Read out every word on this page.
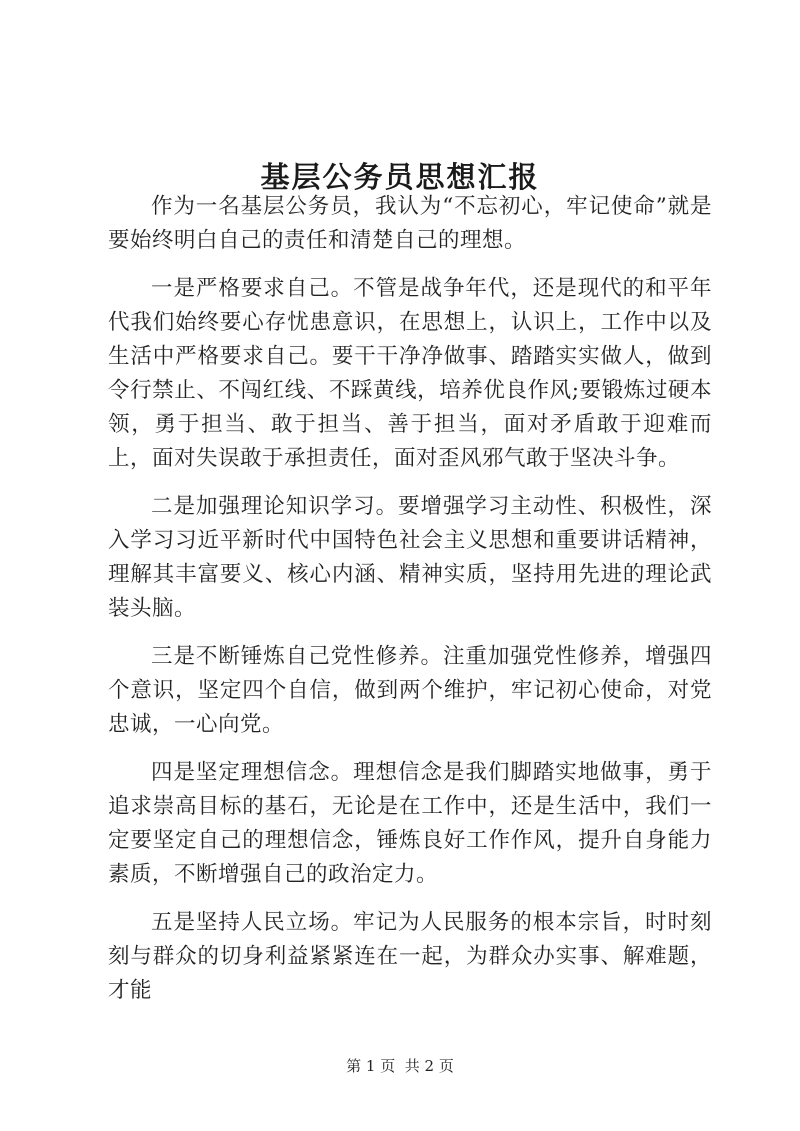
基层公务员思想汇报

作为一名基层公务员，我认为“不忘初心，牢记使命”就是要始终明白自己的责任和清楚自己的理想。

一是严格要求自己。不管是战争年代，还是现代的和平年代我们始终要心存忧患意识，在思想上，认识上，工作中以及生活中严格要求自己。要干干净净做事、踏踏实实做人，做到令行禁止、不闯红线、不踩黄线，培养优良作风;要锻炼过硬本领，勇于担当、敢于担当、善于担当，面对矛盾敢于迎难而上，面对失误敢于承担责任，面对歪风邪气敢于坚决斗争。

二是加强理论知识学习。要增强学习主动性、积极性，深入学习习近平新时代中国特色社会主义思想和重要讲话精神，理解其丰富要义、核心内涵、精神实质，坚持用先进的理论武装头脑。

三是不断锤炼自己党性修养。注重加强党性修养，增强四个意识，坚定四个自信，做到两个维护，牢记初心使命，对党忠诚，一心向党。

四是坚定理想信念。理想信念是我们脚踏实地做事，勇于追求崇高目标的基石，无论是在工作中，还是生活中，我们一定要坚定自己的理想信念，锤炼良好工作作风，提升自身能力素质，不断增强自己的政治定力。

五是坚持人民立场。牢记为人民服务的根本宗旨，时时刻刻与群众的切身利益紧紧连在一起，为群众办实事、解难题，才能

第 1 页  共 2 页
